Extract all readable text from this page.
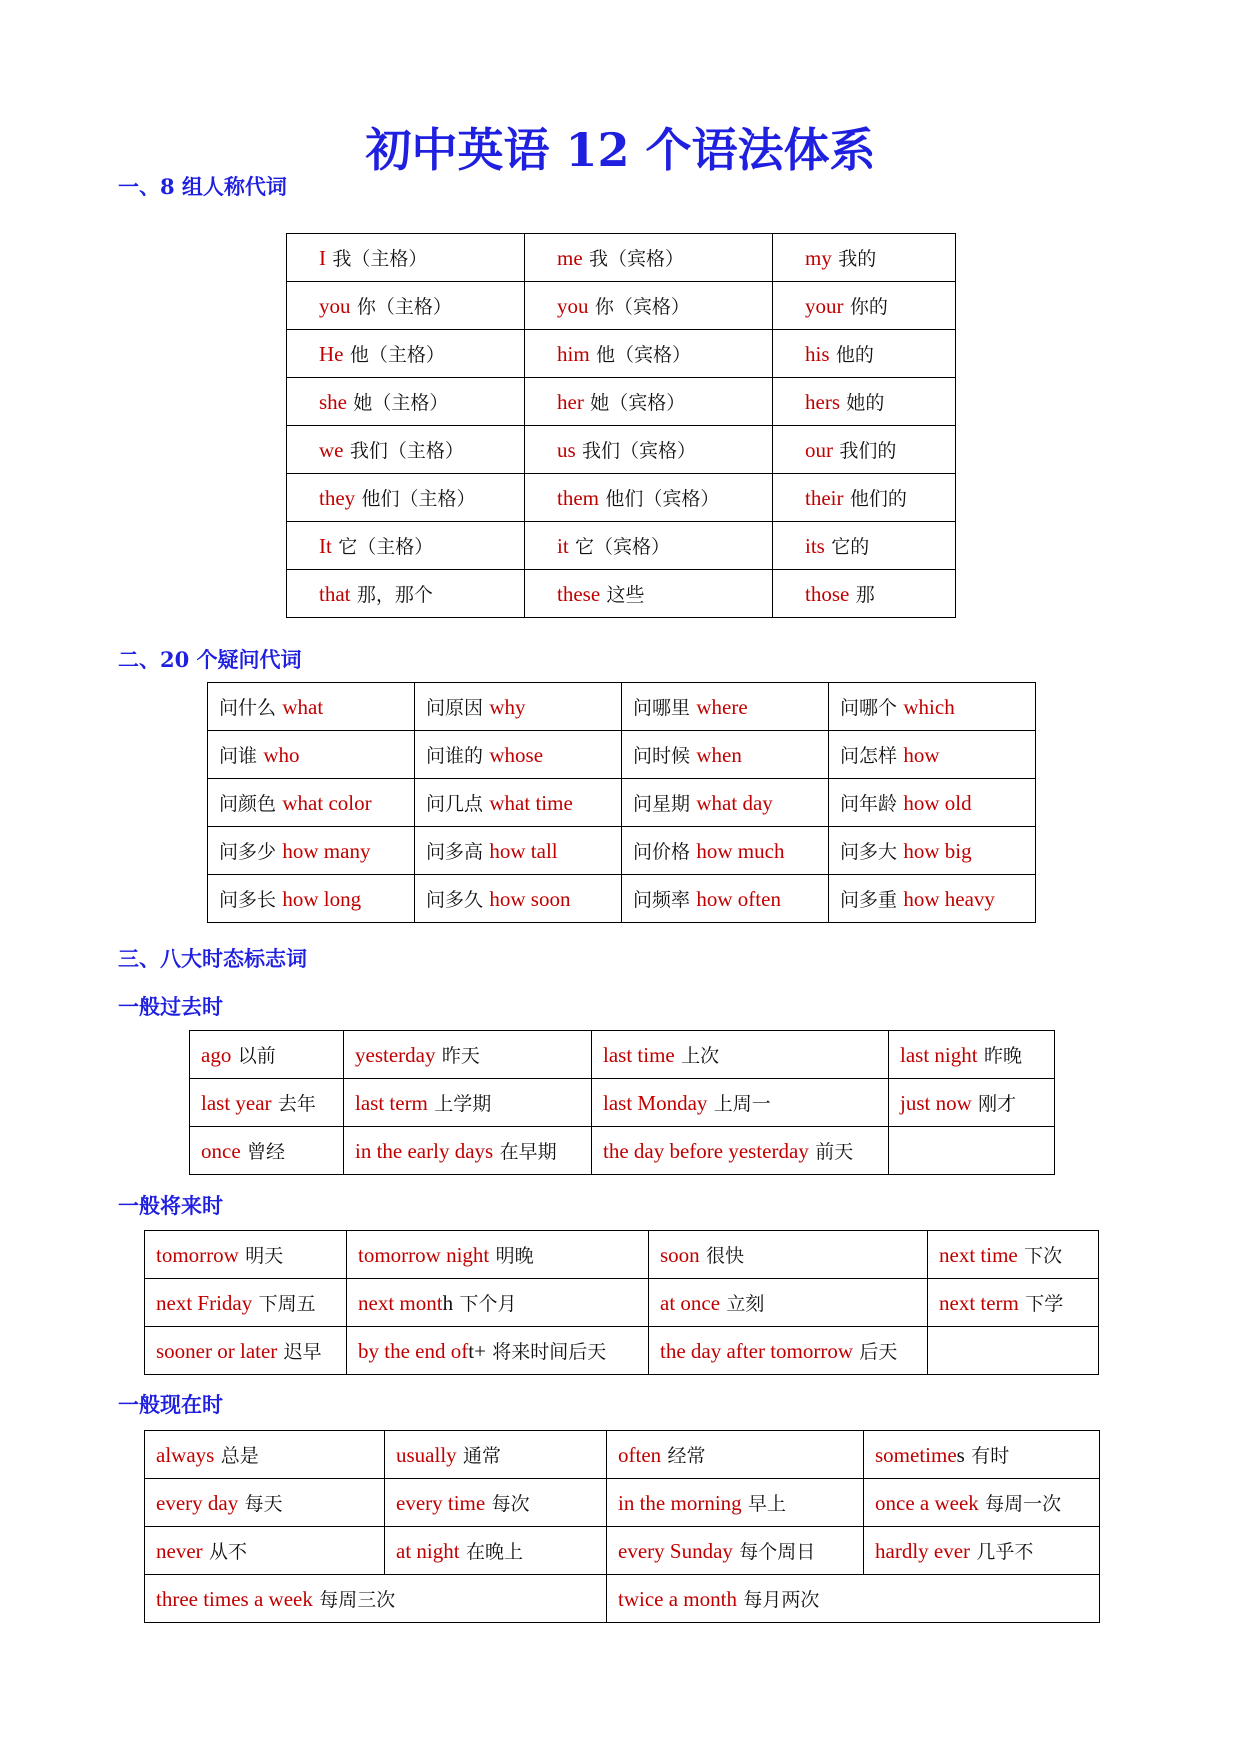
初中英语 12 个语法体系
一、8 组人称代词
I 我（主格）	me 我（宾格）	my 我的
you 你（主格）	you 你（宾格）	your 你的
He 他（主格）	him 他（宾格）	his 他的
she 她（主格）	her 她（宾格）	hers 她的
we 我们（主格）	us 我们（宾格）	our 我们的
they 他们（主格）	them 他们（宾格）	their 他们的
It 它（主格）	it 它（宾格）	its 它的
that 那，那个	these 这些	those 那
二、20 个疑问代词
问什么 what	问原因 why	问哪里 where	问哪个 which
问谁 who	问谁的 whose	问时候 when	问怎样 how
问颜色 what color	问几点 what time	问星期 what day	问年龄 how old
问多少 how many	问多高 how tall	问价格 how much	问多大 how big
问多长 how long	问多久 how soon	问频率 how often	问多重 how heavy
三、八大时态标志词
一般过去时
ago 以前	yesterday 昨天	last time 上次	last night 昨晚
last year 去年	last term 上学期	last Monday 上周一	just now 刚才
once 曾经	in the early days 在早期	the day before yesterday 前天	
一般将来时
tomorrow 明天	tomorrow night 明晚	soon 很快	next time 下次
next Friday 下周五	next month 下个月	at once 立刻	next term 下学
sooner or later 迟早	by the end oft+ 将来时间后天	the day after tomorrow 后天	
一般现在时
always 总是	usually 通常	often 经常	sometimes 有时
every day 每天	every time 每次	in the morning 早上	once a week 每周一次
never 从不	at night 在晚上	every Sunday 每个周日	hardly ever 几乎不
three times a week 每周三次		twice a month 每月两次	
